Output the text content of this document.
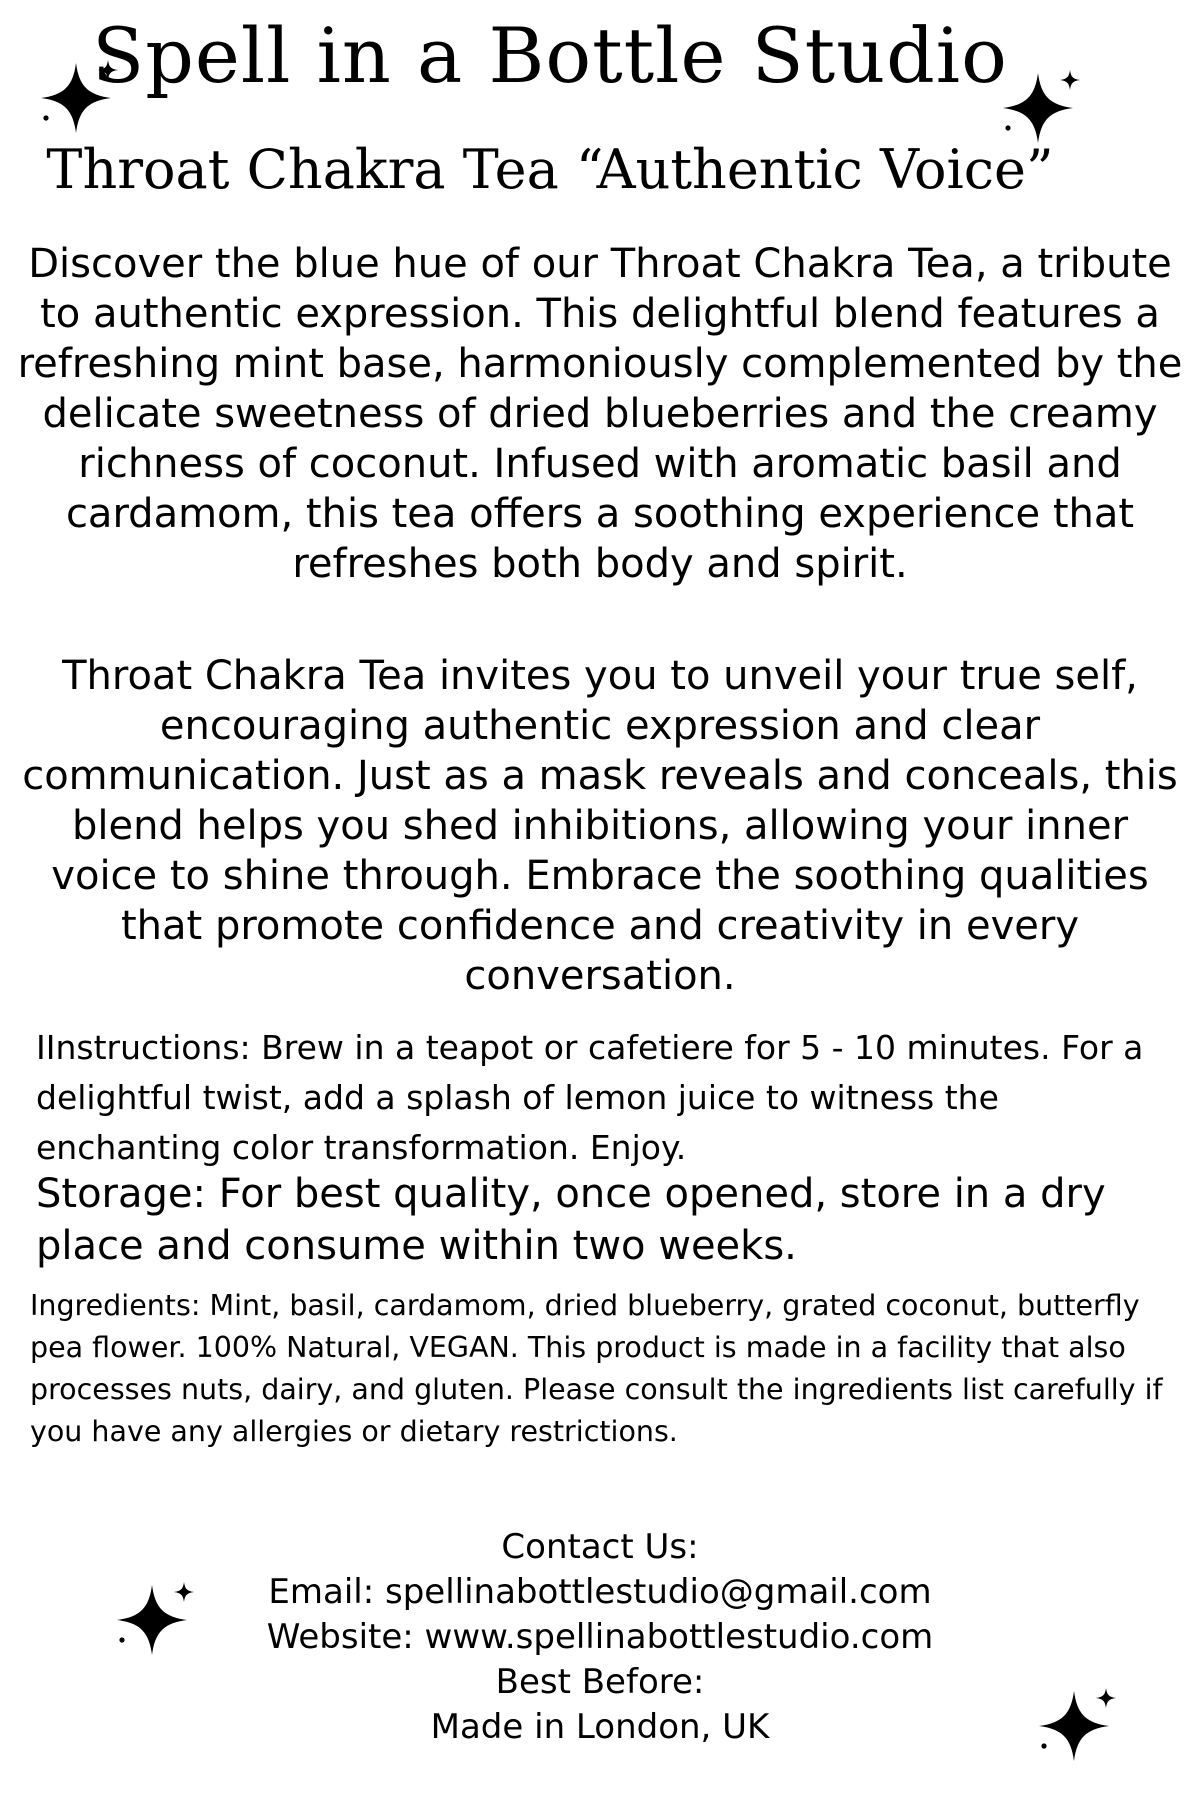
Spell in a Bottle Studio
Throat Chakra Tea “Authentic Voice”
Discover the blue hue of our Throat Chakra Tea, a tribute to authentic expression. This delightful blend features a refreshing mint base, harmoniously complemented by the delicate sweetness of dried blueberries and the creamy richness of coconut. Infused with aromatic basil and cardamom, this tea offers a soothing experience that refreshes both body and spirit.
Throat Chakra Tea invites you to unveil your true self, encouraging authentic expression and clear communication. Just as a mask reveals and conceals, this blend helps you shed inhibitions, allowing your inner voice to shine through. Embrace the soothing qualities that promote confidence and creativity in every conversation.
IInstructions: Brew in a teapot or cafetiere for 5 - 10 minutes. For a delightful twist, add a splash of lemon juice to witness the enchanting color transformation. Enjoy.
Storage: For best quality, once opened, store in a dry place and consume within two weeks.
Ingredients: Mint, basil, cardamom, dried blueberry, grated coconut, butterfly pea flower. 100% Natural, VEGAN. This product is made in a facility that also processes nuts, dairy, and gluten. Please consult the ingredients list carefully if you have any allergies or dietary restrictions.
Contact Us:
Email: spellinabottlestudio@gmail.com
Website: www.spellinabottlestudio.com
Best Before:
Made in London, UK
